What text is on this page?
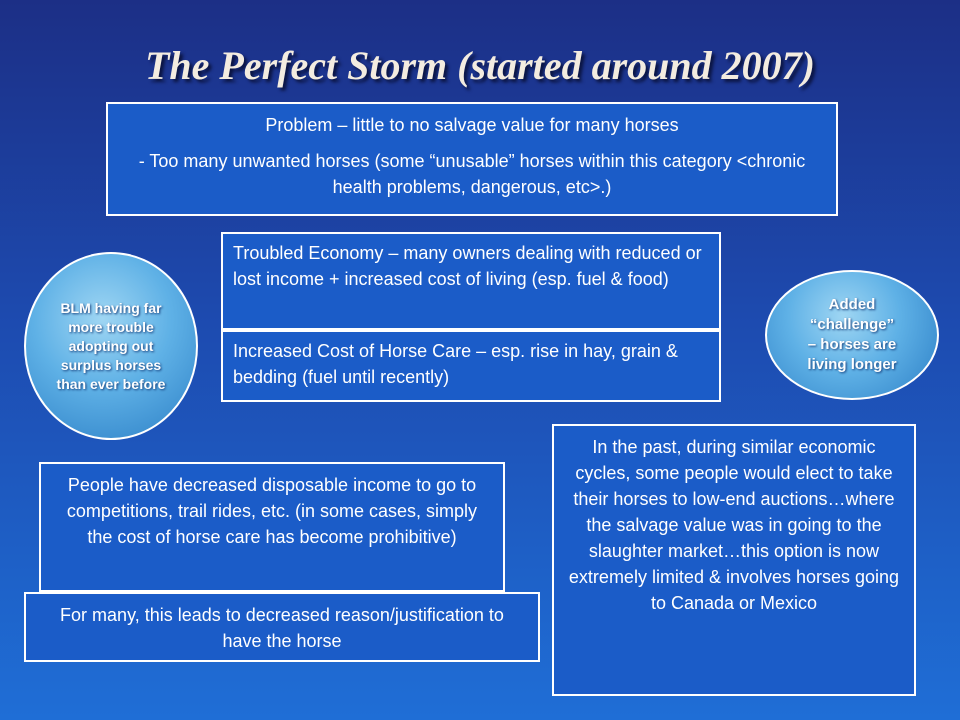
The Perfect Storm (started around 2007)

Problem – little to no salvage value for many horses

- Too many unwanted horses (some “unusable” horses within this category <chronic health problems, dangerous, etc>.)

Troubled Economy – many owners dealing with reduced or lost income + increased cost of living (esp. fuel & food)
Increased Cost of Horse Care – esp. rise in hay, grain & bedding (fuel until recently)
BLM having far more trouble adopting out surplus horses than ever before
Added “challenge” – horses are living longer
People have decreased disposable income to go to competitions, trail rides, etc. (in some cases, simply the cost of horse care has become prohibitive)
For many, this leads to decreased reason/justification to have the horse
In the past, during similar economic cycles, some people would elect to take their horses to low-end auctions…where the salvage value was in going to the slaughter market…this option is now extremely limited & involves horses going to Canada or Mexico
